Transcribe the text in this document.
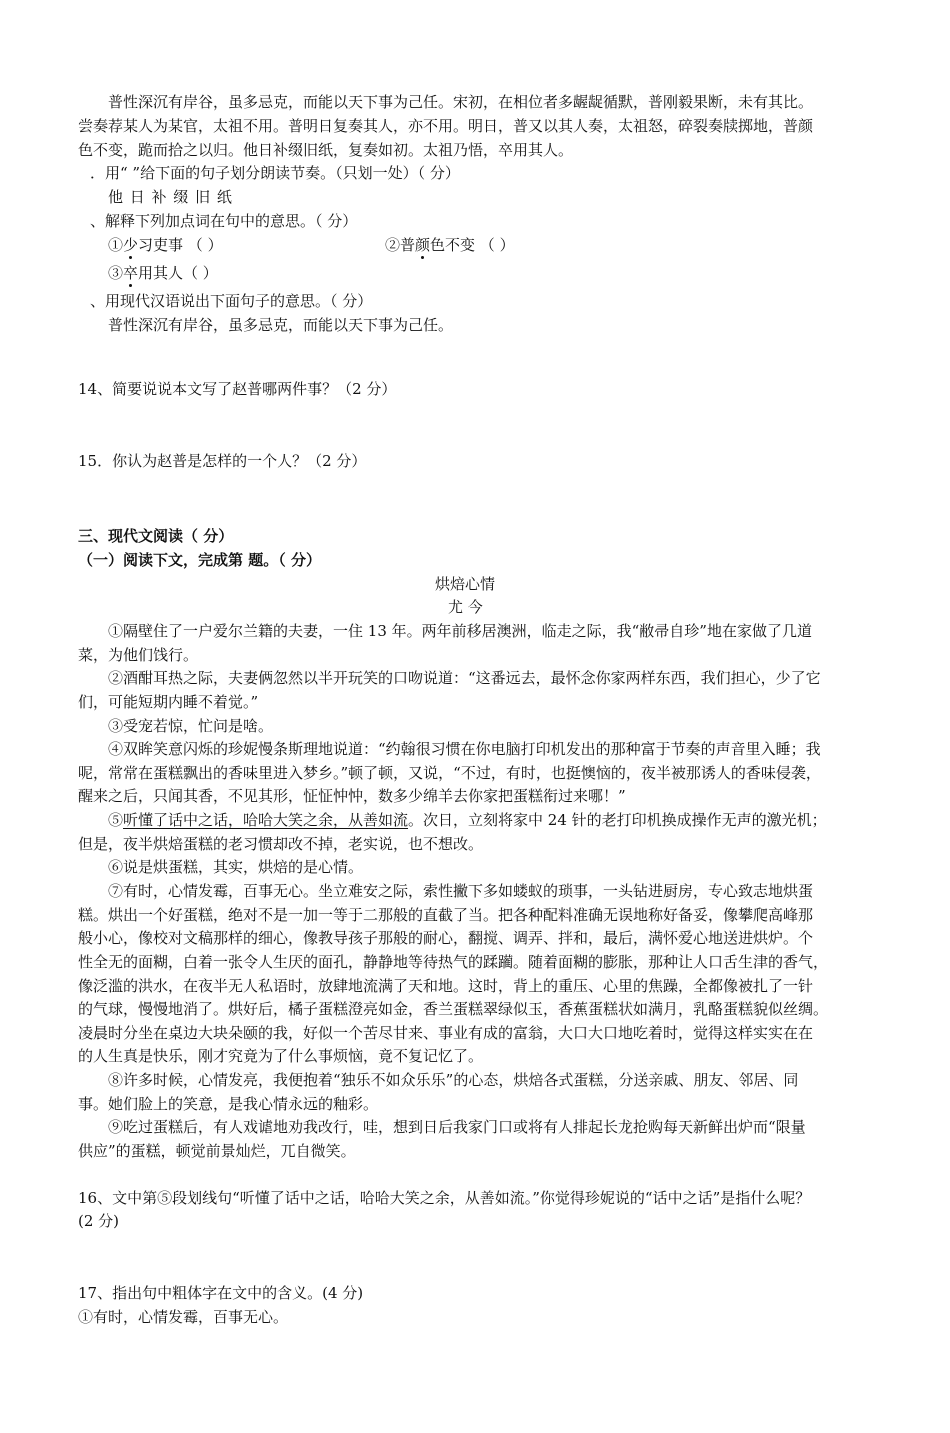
普性深沉有岸谷，虽多忌克，而能以天下事为己任。宋初，在相位者多龌龊循默，普刚毅果断，未有其比。
尝奏荐某人为某官，太祖不用。普明日复奏其人，亦不用。明日，普又以其人奏，太祖怒，碎裂奏牍掷地，普颜
色不变，跪而拾之以归。他日补缀旧纸，复奏如初。太祖乃悟，卒用其人。
．用“ ”给下面的句子划分朗读节奏。（只划一处）（ 分）
他 日 补 缀 旧 纸
、解释下列加点词在句中的意思。（ 分）
①少习吏事 （ ）	②普颜色不变 （ ）
③卒用其人（ ）
、用现代汉语说出下面句子的意思。（ 分）
普性深沉有岸谷，虽多忌克，而能以天下事为己任。
14、简要说说本文写了赵普哪两件事？（2 分）
15．你认为赵普是怎样的一个人？（2 分）
三、现代文阅读（ 分）
（一）阅读下文，完成第 题。（ 分）
烘焙心情
尤 今
①隔壁住了一户爱尔兰籍的夫妻，一住 13 年。两年前移居澳洲，临走之际，我“敝帚自珍”地在家做了几道
菜，为他们饯行。
②酒酣耳热之际，夫妻俩忽然以半开玩笑的口吻说道：“这番远去，最怀念你家两样东西，我们担心，少了它
们，可能短期内睡不着觉。”
③受宠若惊，忙问是啥。
④双眸笑意闪烁的珍妮慢条斯理地说道：“约翰很习惯在你电脑打印机发出的那种富于节奏的声音里入睡；我
呢，常常在蛋糕飘出的香味里进入梦乡。”顿了顿，又说，“不过，有时，也挺懊恼的，夜半被那诱人的香味侵袭，
醒来之后，只闻其香，不见其形，怔怔忡忡，数多少绵羊去你家把蛋糕衔过来哪！”
⑤听懂了话中之话，哈哈大笑之余，从善如流。次日，立刻将家中 24 针的老打印机换成操作无声的激光机；
但是，夜半烘焙蛋糕的老习惯却改不掉，老实说，也不想改。
⑥说是烘蛋糕，其实，烘焙的是心情。
⑦有时，心情发霉，百事无心。坐立难安之际，索性撇下多如蝼蚁的琐事，一头钻进厨房，专心致志地烘蛋
糕。烘出一个好蛋糕，绝对不是一加一等于二那般的直截了当。把各种配料准确无误地称好备妥，像攀爬高峰那
般小心，像校对文稿那样的细心，像教导孩子那般的耐心，翻搅、调弄、拌和，最后，满怀爱心地送进烘炉。个
性全无的面糊，白着一张令人生厌的面孔，静静地等待热气的蹂躏。随着面糊的膨胀，那种让人口舌生津的香气，
像泛滥的洪水，在夜半无人私语时，放肆地流满了天和地。这时，背上的重压、心里的焦躁，全都像被扎了一针
的气球，慢慢地消了。烘好后，橘子蛋糕澄亮如金，香兰蛋糕翠绿似玉，香蕉蛋糕状如满月，乳酪蛋糕貌似丝绸。
凌晨时分坐在桌边大块朵颐的我，好似一个苦尽甘来、事业有成的富翁，大口大口地吃着时，觉得这样实实在在
的人生真是快乐，刚才究竟为了什么事烦恼，竟不复记忆了。
⑧许多时候，心情发亮，我便抱着“独乐不如众乐乐”的心态，烘焙各式蛋糕，分送亲戚、朋友、邻居、同
事。她们脸上的笑意，是我心情永远的釉彩。
⑨吃过蛋糕后，有人戏谑地劝我改行，哇，想到日后我家门口或将有人排起长龙抢购每天新鲜出炉而“限量
供应”的蛋糕，顿觉前景灿烂，兀自微笑。
16、文中第⑤段划线句“听懂了话中之话，哈哈大笑之余，从善如流。”你觉得珍妮说的“话中之话”是指什么呢？
(2 分)
17、指出句中粗体字在文中的含义。(4 分)
①有时，心情发霉，百事无心。
